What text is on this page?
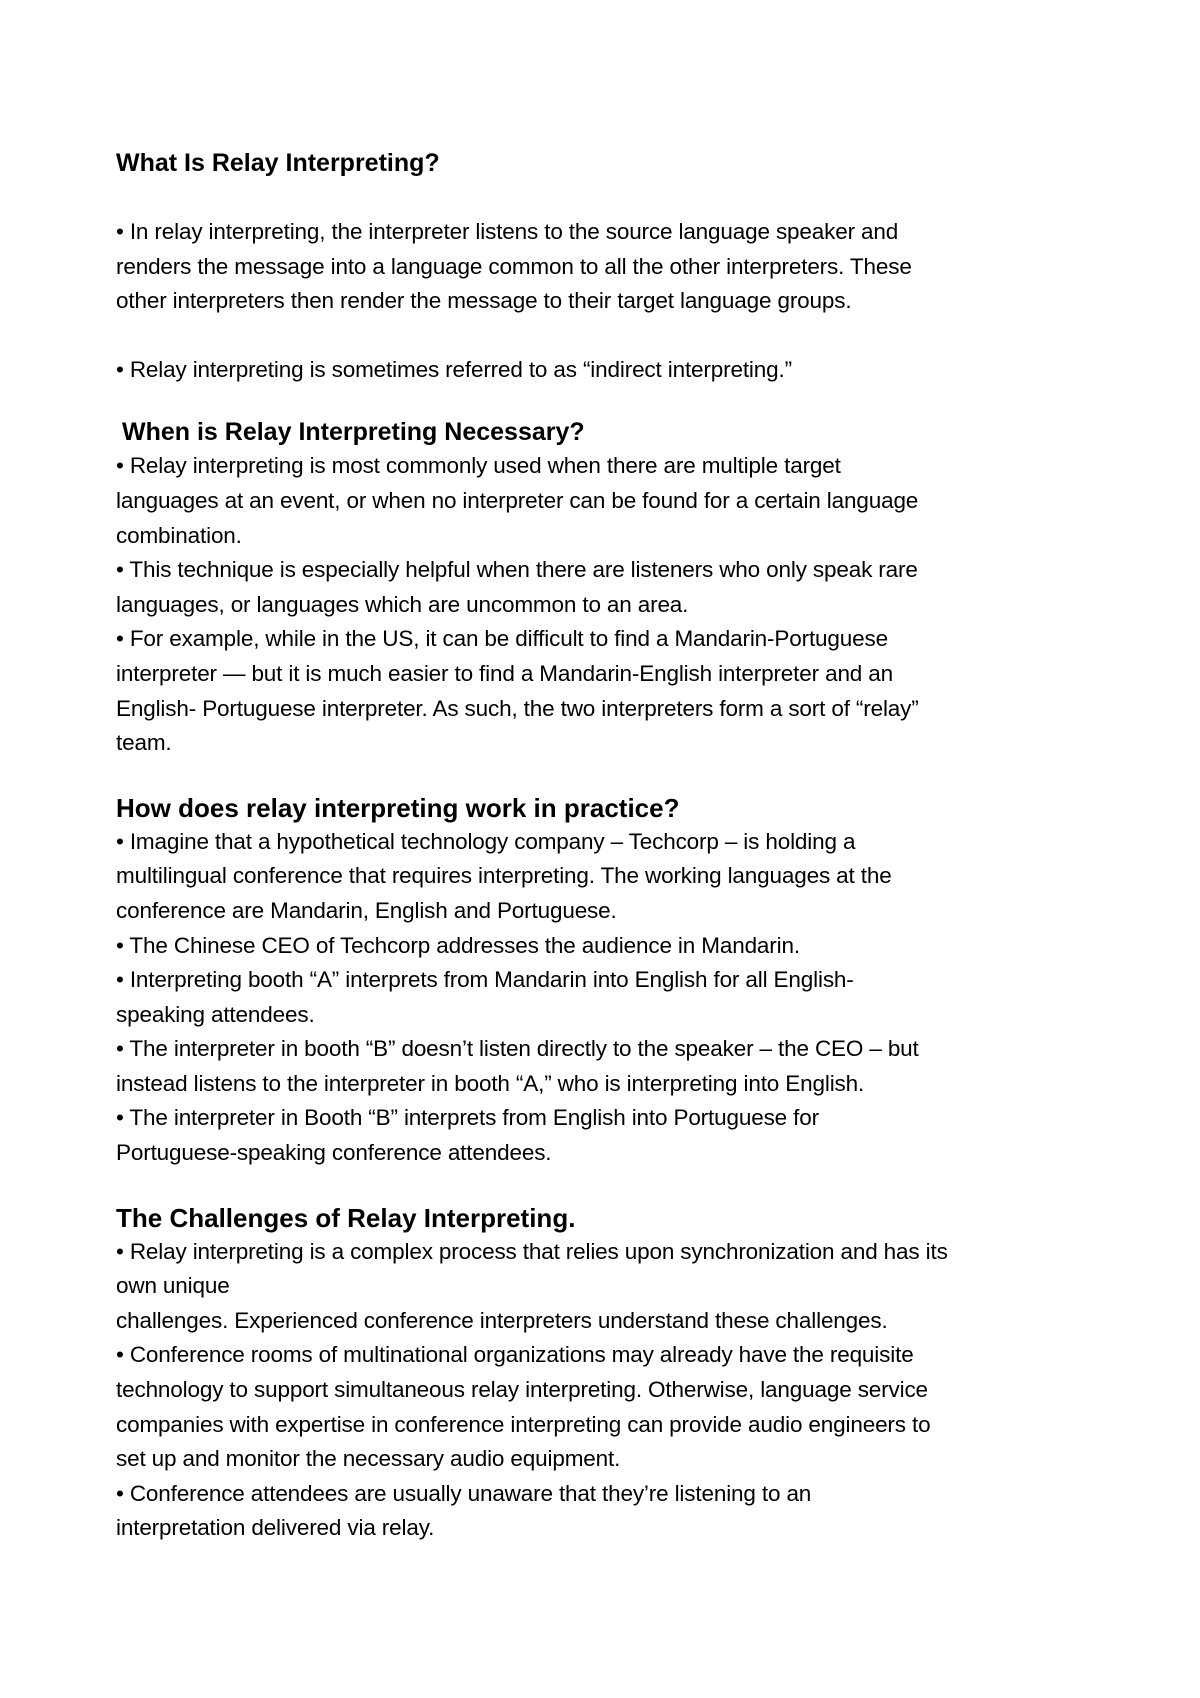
What Is Relay Interpreting?
• In relay interpreting, the interpreter listens to the source language speaker and
renders the message into a language common to all the other interpreters. These
other interpreters then render the message to their target language groups.
• Relay interpreting is sometimes referred to as “indirect interpreting.”
When is Relay Interpreting Necessary?
• Relay interpreting is most commonly used when there are multiple target
languages at an event, or when no interpreter can be found for a certain language
combination.
• This technique is especially helpful when there are listeners who only speak rare
languages, or languages which are uncommon to an area.
• For example, while in the US, it can be difficult to find a Mandarin-Portuguese
interpreter — but it is much easier to find a Mandarin-English interpreter and an
English- Portuguese interpreter. As such, the two interpreters form a sort of “relay”
team.
How does relay interpreting work in practice?
• Imagine that a hypothetical technology company – Techcorp – is holding a
multilingual conference that requires interpreting. The working languages at the
conference are Mandarin, English and Portuguese.
• The Chinese CEO of Techcorp addresses the audience in Mandarin.
• Interpreting booth “A” interprets from Mandarin into English for all English-
speaking attendees.
• The interpreter in booth “B” doesn’t listen directly to the speaker – the CEO – but
instead listens to the interpreter in booth “A,” who is interpreting into English.
• The interpreter in Booth “B” interprets from English into Portuguese for
Portuguese-speaking conference attendees.
The Challenges of Relay Interpreting.
• Relay interpreting is a complex process that relies upon synchronization and has its
own unique
challenges. Experienced conference interpreters understand these challenges.
• Conference rooms of multinational organizations may already have the requisite
technology to support simultaneous relay interpreting. Otherwise, language service
companies with expertise in conference interpreting can provide audio engineers to
set up and monitor the necessary audio equipment.
• Conference attendees are usually unaware that they’re listening to an
interpretation delivered via relay.
